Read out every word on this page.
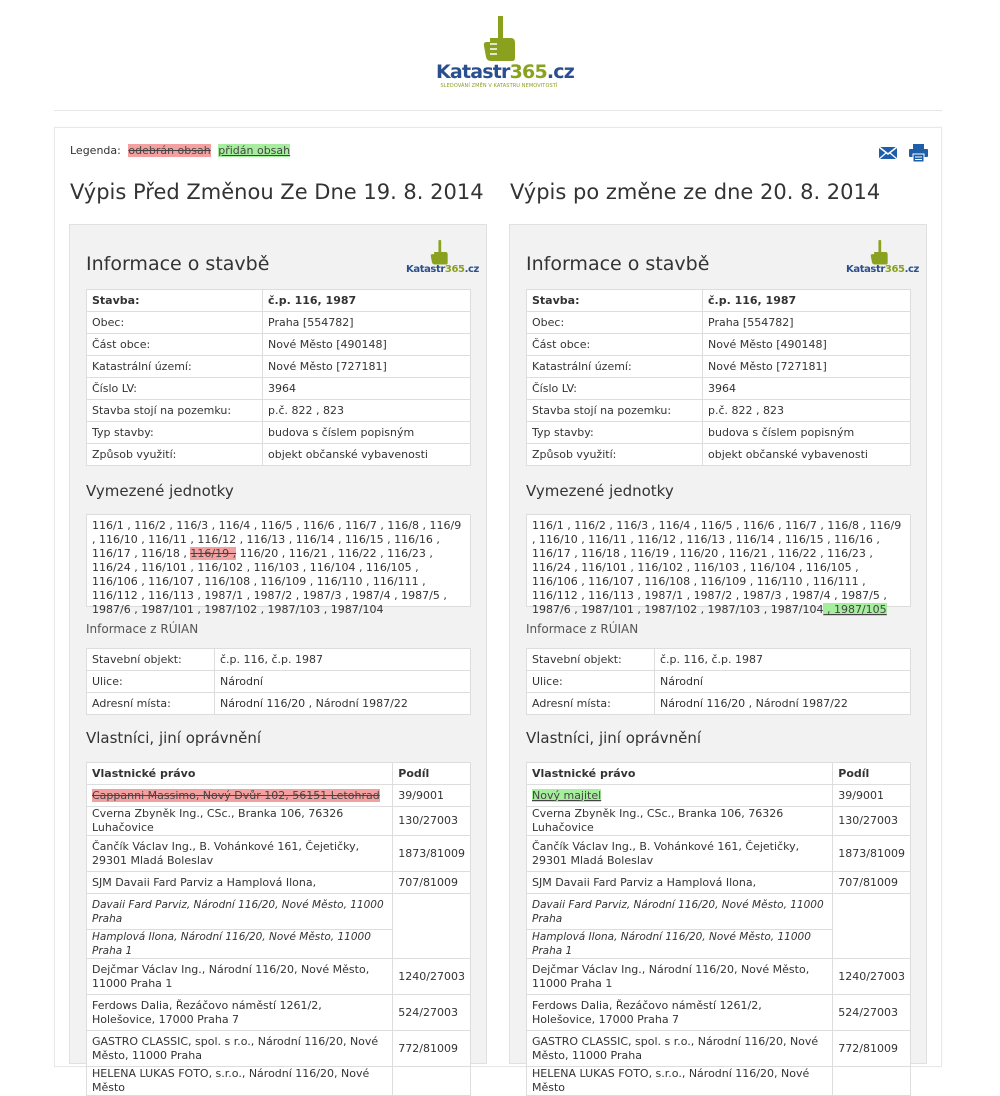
Katastr365.cz
SLEDOVÁNÍ ZMĚN V KATASTRU NEMOVITOSTÍ
Legenda: odebrán obsah přidán obsah
Výpis Před Změnou Ze Dne 19. 8. 2014 Výpis po změne ze dne 20. 8. 2014
Informace o stavbě	Katastr365.cz
Stavba:	č.p. 116, 1987
Obec:	Praha [554782]
Část obce:	Nové Město [490148]
Katastrální území:	Nové Město [727181]
Číslo LV:	3964
Stavba stojí na pozemku:	p.č. 822 , 823
Typ stavby:	budova s číslem popisným
Způsob využití:	objekt občanské vybavenosti
Vymezené jednotky
116/1 , 116/2 , 116/3 , 116/4 , 116/5 , 116/6 , 116/7 , 116/8 , 116/9 , 116/10 , 116/11 , 116/12 , 116/13 , 116/14 , 116/15 , 116/16 , 116/17 , 116/18 , 116/19 , 116/20 , 116/21 , 116/22 , 116/23 , 116/24 , 116/101 , 116/102 , 116/103 , 116/104 , 116/105 , 116/106 , 116/107 , 116/108 , 116/109 , 116/110 , 116/111 , 116/112 , 116/113 , 1987/1 , 1987/2 , 1987/3 , 1987/4 , 1987/5 , 1987/6 , 1987/101 , 1987/102 , 1987/103 , 1987/104
Informace z RÚIAN
Stavební objekt:	č.p. 116, č.p. 1987
Ulice:	Národní
Adresní místa:	Národní 116/20 , Národní 1987/22
Vlastníci, jiní oprávnění
Vlastnické právo	Podíl
Cappanni Massimo, Nový Dvůr 102, 56151 Letohrad	39/9001
Cverna Zbyněk Ing., CSc., Branka 106, 76326 Luhačovice	130/27003
Čančík Václav Ing., B. Vohánkové 161, Čejetičky, 29301 Mladá Boleslav	1873/81009
SJM Davaii Fard Parviz a Hamplová Ilona,	707/81009
Davaii Fard Parviz, Národní 116/20, Nové Město, 11000 Praha	
Hamplová Ilona, Národní 116/20, Nové Město, 11000 Praha 1	
Dejčmar Václav Ing., Národní 116/20, Nové Město, 11000 Praha 1	1240/27003
Ferdows Dalia, Řezáčovo náměstí 1261/2, Holešovice, 17000 Praha 7	524/27003
GASTRO CLASSIC, spol. s r.o., Národní 116/20, Nové Město, 11000 Praha	772/81009
HELENA LUKAS FOTO, s.r.o., Národní 116/20, Nové Město	
Informace o stavbě	Katastr365.cz
Stavba:	č.p. 116, 1987
Obec:	Praha [554782]
Část obce:	Nové Město [490148]
Katastrální území:	Nové Město [727181]
Číslo LV:	3964
Stavba stojí na pozemku:	p.č. 822 , 823
Typ stavby:	budova s číslem popisným
Způsob využití:	objekt občanské vybavenosti
Vymezené jednotky
116/1 , 116/2 , 116/3 , 116/4 , 116/5 , 116/6 , 116/7 , 116/8 , 116/9 , 116/10 , 116/11 , 116/12 , 116/13 , 116/14 , 116/15 , 116/16 , 116/17 , 116/18 , 116/19 , 116/20 , 116/21 , 116/22 , 116/23 , 116/24 , 116/101 , 116/102 , 116/103 , 116/104 , 116/105 , 116/106 , 116/107 , 116/108 , 116/109 , 116/110 , 116/111 , 116/112 , 116/113 , 1987/1 , 1987/2 , 1987/3 , 1987/4 , 1987/5 , 1987/6 , 1987/101 , 1987/102 , 1987/103 , 1987/104 , 1987/105
Informace z RÚIAN
Stavební objekt:	č.p. 116, č.p. 1987
Ulice:	Národní
Adresní místa:	Národní 116/20 , Národní 1987/22
Vlastníci, jiní oprávnění
Vlastnické právo	Podíl
Nový majitel	39/9001
Cverna Zbyněk Ing., CSc., Branka 106, 76326 Luhačovice	130/27003
Čančík Václav Ing., B. Vohánkové 161, Čejetičky, 29301 Mladá Boleslav	1873/81009
SJM Davaii Fard Parviz a Hamplová Ilona,	707/81009
Davaii Fard Parviz, Národní 116/20, Nové Město, 11000 Praha	
Hamplová Ilona, Národní 116/20, Nové Město, 11000 Praha 1	
Dejčmar Václav Ing., Národní 116/20, Nové Město, 11000 Praha 1	1240/27003
Ferdows Dalia, Řezáčovo náměstí 1261/2, Holešovice, 17000 Praha 7	524/27003
GASTRO CLASSIC, spol. s r.o., Národní 116/20, Nové Město, 11000 Praha	772/81009
HELENA LUKAS FOTO, s.r.o., Národní 116/20, Nové Město	
